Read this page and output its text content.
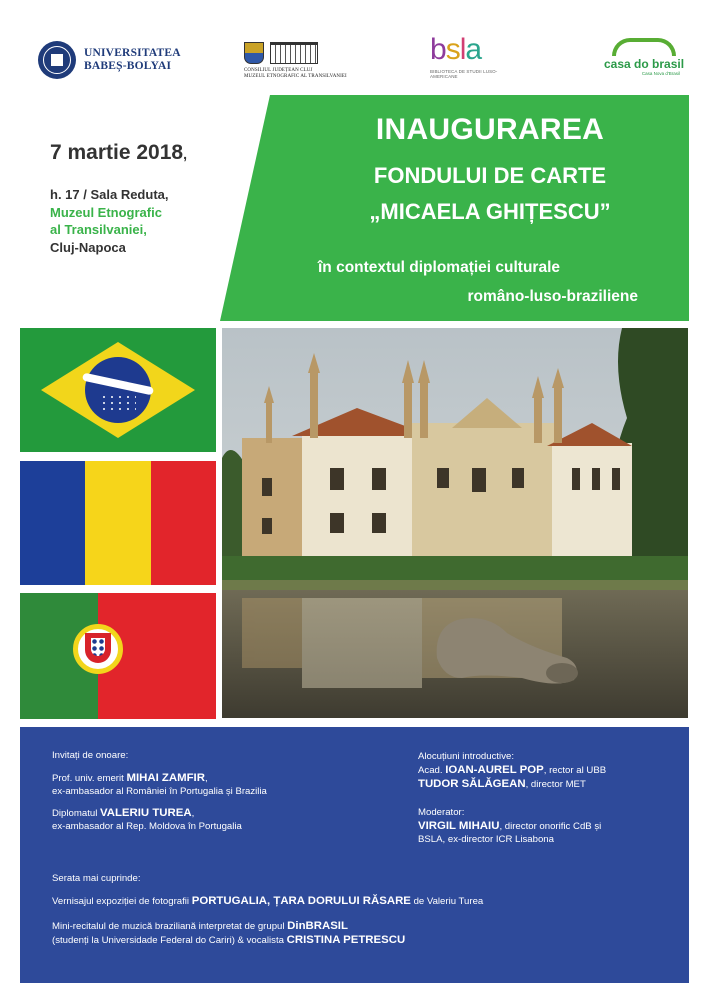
UNIVERSITATEA
BABEȘ-BOLYAI	CONSILIUL JUDEȚEAN CLUJ
MUZEUL ETNOGRAFIC AL TRANSILVANIEI
bsla
BIBLIOTECA DE STUDII LUSO-AMERICANE
casa do brasil
Casa Nova d'Brasil
7 martie 2018,
h. 17 / Sala Reduta,
Muzeul Etnografic
al Transilvaniei,
Cluj-Napoca
INAUGURAREA
FONDULUI DE CARTE
„MICAELA GHIȚESCU”
în contextul diplomației culturale
româno-luso-braziliene
Invitați de onoare:
Prof. univ. emerit MIHAI ZAMFIR,
ex-ambasador al României în Portugalia și Brazilia
Diplomatul VALERIU TUREA,
ex-ambasador al Rep. Moldova în Portugalia
Alocuțiuni introductive:
Acad. IOAN-AUREL POP, rector al UBB
TUDOR SĂLĂGEAN, director MET
Moderator:
VIRGIL MIHAIU, director onorific CdB și
BSLA, ex-director ICR Lisabona
Serata mai cuprinde:
Vernisajul expoziției de fotografii PORTUGALIA, ȚARA DORULUI RĂSARE de Valeriu Turea
Mini-recitalul de muzică braziliană interpretat de grupul DinBRASIL
(studenți la Universidade Federal do Cariri) & vocalista CRISTINA PETRESCU
